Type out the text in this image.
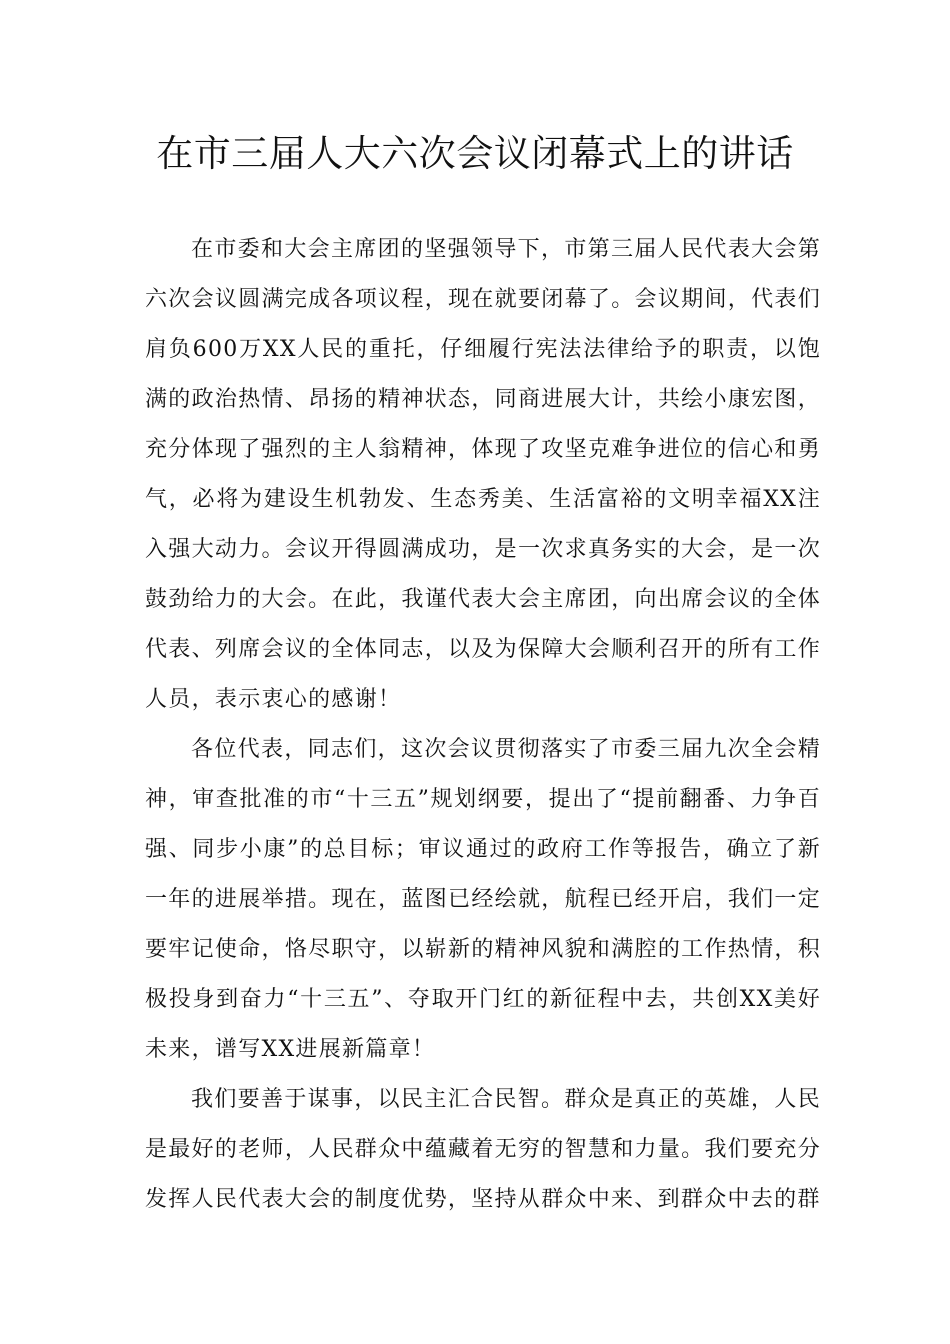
在市三届人大六次会议闭幕式上的讲话

在市委和大会主席团的坚强领导下，市第三届人民代表大会第六次会议圆满完成各项议程，现在就要闭幕了。会议期间，代表们肩负600万XX人民的重托，仔细履行宪法法律给予的职责，以饱满的政治热情、昂扬的精神状态，同商进展大计，共绘小康宏图，充分体现了强烈的主人翁精神，体现了攻坚克难争进位的信心和勇气，必将为建设生机勃发、生态秀美、生活富裕的文明幸福XX注入强大动力。会议开得圆满成功，是一次求真务实的大会，是一次鼓劲给力的大会。在此，我谨代表大会主席团，向出席会议的全体代表、列席会议的全体同志，以及为保障大会顺利召开的所有工作人员，表示衷心的感谢！

各位代表，同志们，这次会议贯彻落实了市委三届九次全会精神，审查批准的市“十三五”规划纲要，提出了“提前翻番、力争百强、同步小康”的总目标；审议通过的政府工作等报告，确立了新一年的进展举措。现在，蓝图已经绘就，航程已经开启，我们一定要牢记使命，恪尽职守，以崭新的精神风貌和满腔的工作热情，积极投身到奋力“十三五”、夺取开门红的新征程中去，共创XX美好未来，谱写XX进展新篇章！

我们要善于谋事，以民主汇合民智。群众是真正的英雄，人民是最好的老师，人民群众中蕴藏着无穷的智慧和力量。我们要充分发挥人民代表大会的制度优势，坚持从群众中来、到群众中去的群
